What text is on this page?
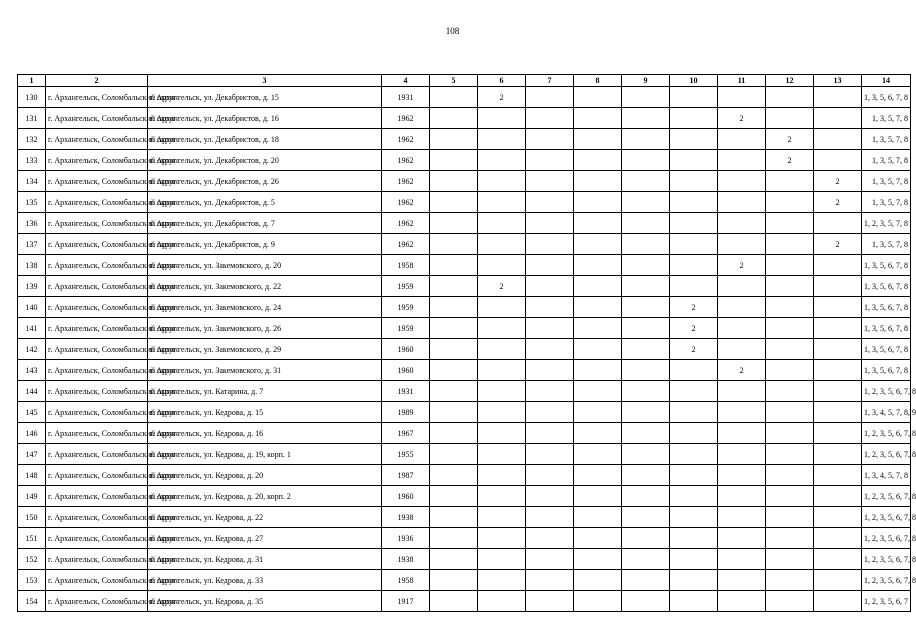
108
1	2	3	4	5	6	7	8	9	10	11	12	13	14
130	г. Архангельск, Соломбальский округ	г. Архангельск, ул. Декабристов, д. 15	1931		2								1, 3, 5, 6, 7, 8
131	г. Архангельск, Соломбальский округ	г. Архангельск, ул. Декабристов, д. 16	1962							2			1, 3, 5, 7, 8
132	г. Архангельск, Соломбальский округ	г. Архангельск, ул. Декабристов, д. 18	1962								2		1, 3, 5, 7, 8
133	г. Архангельск, Соломбальский округ	г. Архангельск, ул. Декабристов, д. 20	1962								2		1, 3, 5, 7, 8
134	г. Архангельск, Соломбальский округ	г. Архангельск, ул. Декабристов, д. 26	1962									2	1, 3, 5, 7, 8
135	г. Архангельск, Соломбальский округ	г. Архангельск, ул. Декабристов, д. 5	1962									2	1, 3, 5, 7, 8
136	г. Архангельск, Соломбальский округ	г. Архангельск, ул. Декабристов, д. 7	1962										1, 2, 3, 5, 7, 8
137	г. Архангельск, Соломбальский округ	г. Архангельск, ул. Декабристов, д. 9	1962									2	1, 3, 5, 7, 8
138	г. Архангельск, Соломбальский округ	г. Архангельск, ул. Закемовского, д. 20	1958							2			1, 3, 5, 6, 7, 8
139	г. Архангельск, Соломбальский округ	г. Архангельск, ул. Закемовского, д. 22	1959		2								1, 3, 5, 6, 7, 8
140	г. Архангельск, Соломбальский округ	г. Архангельск, ул. Закемовского, д. 24	1959						2				1, 3, 5, 6, 7, 8
141	г. Архангельск, Соломбальский округ	г. Архангельск, ул. Закемовского, д. 26	1959						2				1, 3, 5, 6, 7, 8
142	г. Архангельск, Соломбальский округ	г. Архангельск, ул. Закемовского, д. 29	1960						2				1, 3, 5, 6, 7, 8
143	г. Архангельск, Соломбальский округ	г. Архангельск, ул. Закемовского, д. 31	1960							2			1, 3, 5, 6, 7, 8
144	г. Архангельск, Соломбальский округ	г. Архангельск, ул. Катарина, д. 7	1931										1, 2, 3, 5, 6, 7, 8
145	г. Архангельск, Соломбальский округ	г. Архангельск, ул. Кедрова, д. 15	1989										1, 3, 4, 5, 7, 8, 9
146	г. Архангельск, Соломбальский округ	г. Архангельск, ул. Кедрова, д. 16	1967										1, 2, 3, 5, 6, 7, 8
147	г. Архангельск, Соломбальский округ	г. Архангельск, ул. Кедрова, д. 19, корп. 1	1955										1, 2, 3, 5, 6, 7, 8
148	г. Архангельск, Соломбальский округ	г. Архангельск, ул. Кедрова, д. 20	1987										1, 3, 4, 5, 7, 8
149	г. Архангельск, Соломбальский округ	г. Архангельск, ул. Кедрова, д. 20, корп. 2	1960										1, 2, 3, 5, 6, 7, 8
150	г. Архангельск, Соломбальский округ	г. Архангельск, ул. Кедрова, д. 22	1938										1, 2, 3, 5, 6, 7, 8
151	г. Архангельск, Соломбальский округ	г. Архангельск, ул. Кедрова, д. 27	1936										1, 2, 3, 5, 6, 7, 8
152	г. Архангельск, Соломбальский округ	г. Архангельск, ул. Кедрова, д. 31	1938										1, 2, 3, 5, 6, 7, 8
153	г. Архангельск, Соломбальский округ	г. Архангельск, ул. Кедрова, д. 33	1958										1, 2, 3, 5, 6, 7, 8
154	г. Архангельск, Соломбальский округ	г. Архангельск, ул. Кедрова, д. 35	1917										1, 2, 3, 5, 6, 7
